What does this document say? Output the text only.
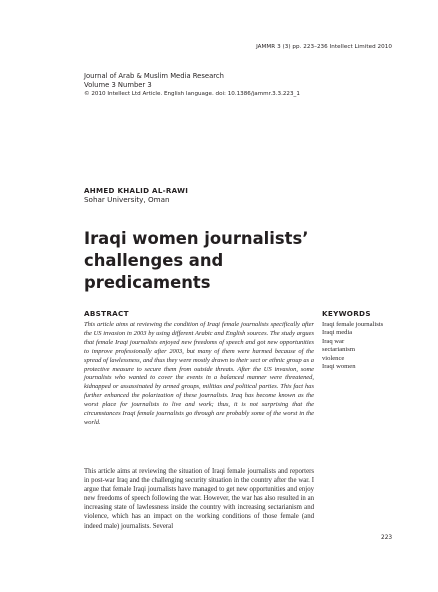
JAMMR 3 (3) pp. 223–236 Intellect Limited 2010
Journal of Arab & Muslim Media Research
Volume 3 Number 3
© 2010 Intellect Ltd Article. English language. doi: 10.1386/jammr.3.3.223_1
AHMED KHALID AL-RAWI
Sohar University, Oman
Iraqi women journalists’ challenges and predicaments
ABSTRACT

This article aims at reviewing the condition of Iraqi female journalists specifically after the US invasion in 2003 by using different Arabic and English sources. The study argues that female Iraqi journalists enjoyed new freedoms of speech and got new opportunities to improve professionally after 2003, but many of them were harmed because of the spread of lawlessness, and thus they were mostly drawn to their sect or ethnic group as a protective measure to secure them from outside threats. After the US invasion, some journalists who wanted to cover the events in a balanced manner were threatened, kidnapped or assassinated by armed groups, militias and political parties. This fact has further enhanced the polarization of these journalists. Iraq has become known as the worst place for journalists to live and work; thus, it is not surprising that the circumstances Iraqi female journalists go through are probably some of the worst in the world.

KEYWORDS
Iraqi female journalists
Iraqi media
Iraq war
sectarianism
violence
Iraqi women

This article aims at reviewing the situation of Iraqi female journalists and reporters in post-war Iraq and the challenging security situation in the country after the war. I argue that female Iraqi journalists have managed to get new opportunities and enjoy new freedoms of speech following the war. However, the war has also resulted in an increasing state of lawlessness inside the country with increasing sectarianism and violence, which has an impact on the working conditions of those female (and indeed male) journalists. Several

223
